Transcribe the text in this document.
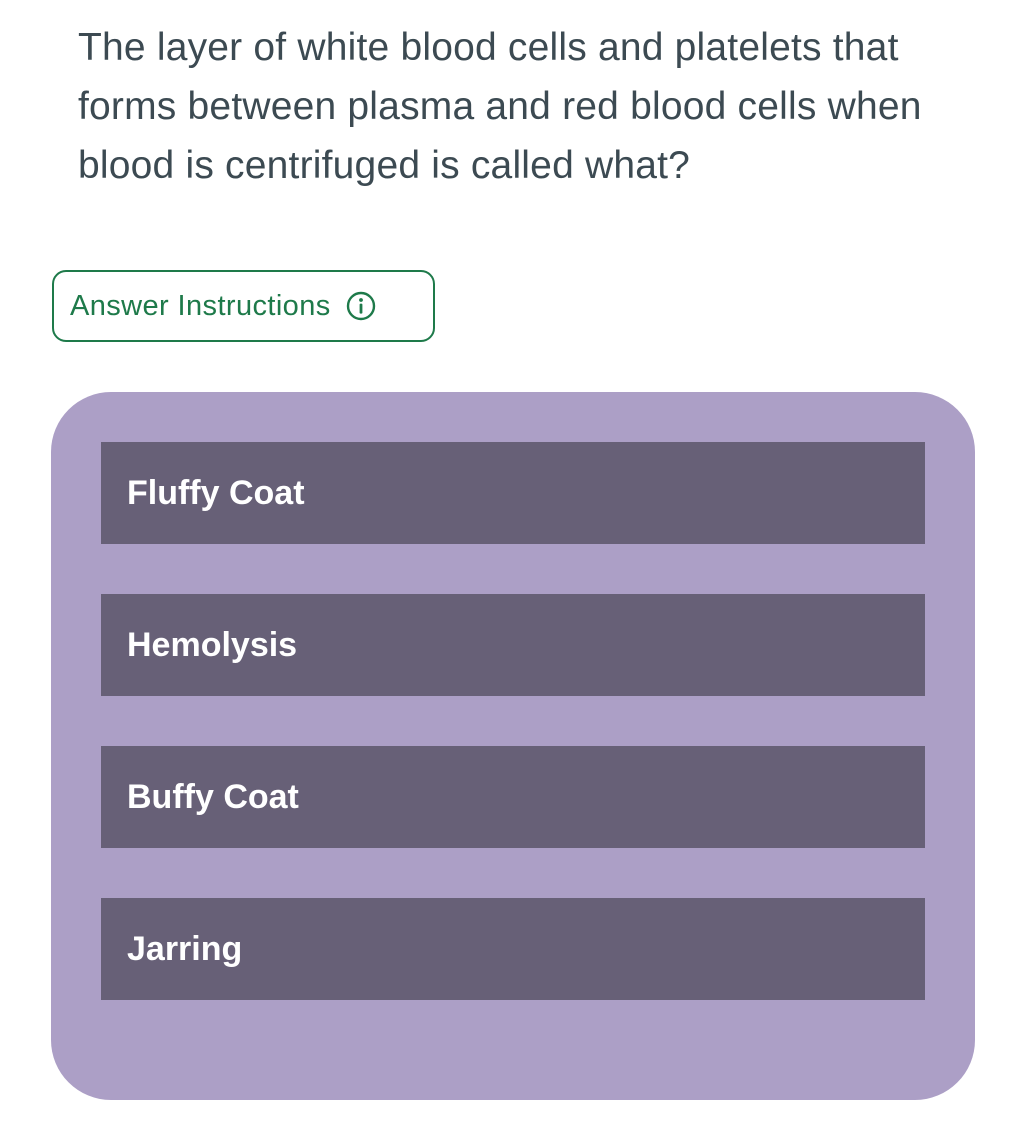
The layer of white blood cells and platelets that forms between plasma and red blood cells when blood is centrifuged is called what?

Answer Instructions
Fluffy Coat
Hemolysis
Buffy Coat
Jarring
